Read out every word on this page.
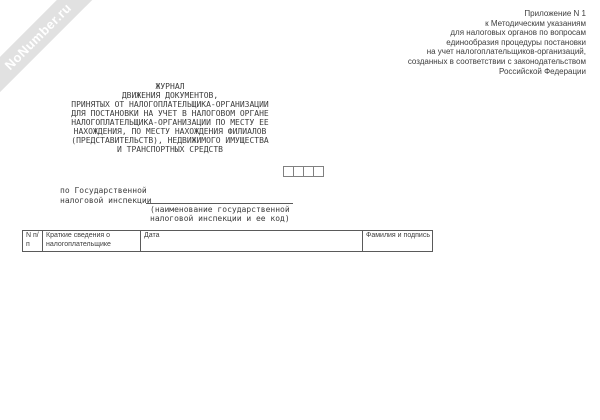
NoNumber.ru	Приложение N 1
к Методическим указаниям
для налоговых органов по вопросам
единообразия процедуры постановки
на учет налогоплательщиков-организаций,
созданных в соответствии с законодательством
Российской Федерации
ЖУРНАЛ
ДВИЖЕНИЯ ДОКУМЕНТОВ,
ПРИНЯТЫХ ОТ НАЛОГОПЛАТЕЛЬЩИКА-ОРГАНИЗАЦИИ
ДЛЯ ПОСТАНОВКИ НА УЧЕТ В НАЛОГОВОМ ОРГАНЕ
НАЛОГОПЛАТЕЛЬЩИКА-ОРГАНИЗАЦИИ ПО МЕСТУ ЕЕ
НАХОЖДЕНИЯ, ПО МЕСТУ НАХОЖДЕНИЯ ФИЛИАЛОВ
(ПРЕДСТАВИТЕЛЬСТВ), НЕДВИЖИМОГО ИМУЩЕСТВА
И ТРАНСПОРТНЫХ СРЕДСТВ
по Государственной
налоговой инспекции
(наименование государственной
налоговой инспекции и ее код)
N п/п	Краткие сведения о налогоплательщике	Дата	Фамилия и подпись
